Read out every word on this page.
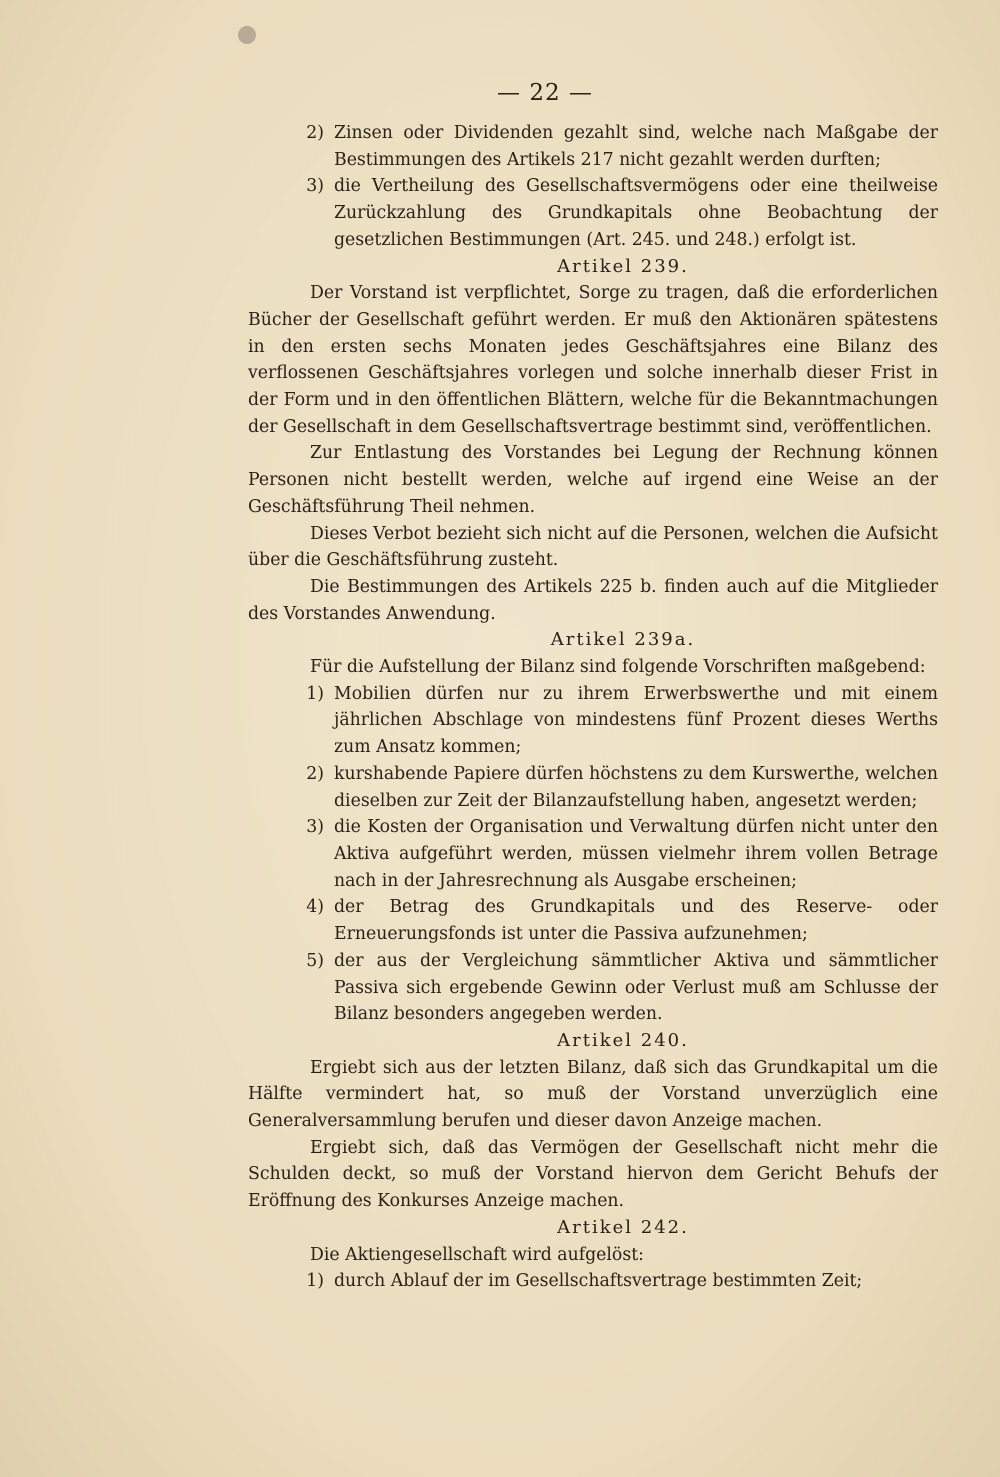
— 22 —
2) Zinsen oder Dividenden gezahlt sind, welche nach Maßgabe der Bestimmungen des Artikels 217 nicht gezahlt werden durften;
3) die Vertheilung des Gesellschaftsvermögens oder eine theilweise Zurückzahlung des Grundkapitals ohne Beobachtung der gesetzlichen Bestimmungen (Art. 245. und 248.) erfolgt ist.
Artikel 239.

Der Vorstand ist verpflichtet, Sorge zu tragen, daß die erforderlichen Bücher der Gesellschaft geführt werden. Er muß den Aktionären spätestens in den ersten sechs Monaten jedes Geschäftsjahres eine Bilanz des verflossenen Geschäftsjahres vorlegen und solche innerhalb dieser Frist in der Form und in den öffentlichen Blättern, welche für die Bekanntmachungen der Gesellschaft in dem Gesellschaftsvertrage bestimmt sind, veröffentlichen.

Zur Entlastung des Vorstandes bei Legung der Rechnung können Personen nicht bestellt werden, welche auf irgend eine Weise an der Geschäftsführung Theil nehmen.

Dieses Verbot bezieht sich nicht auf die Personen, welchen die Aufsicht über die Geschäftsführung zusteht.

Die Bestimmungen des Artikels 225 b. finden auch auf die Mitglieder des Vorstandes Anwendung.

Artikel 239a.

Für die Aufstellung der Bilanz sind folgende Vorschriften maßgebend:

1) Mobilien dürfen nur zu ihrem Erwerbswerthe und mit einem jährlichen Abschlage von mindestens fünf Prozent dieses Werths zum Ansatz kommen;
2) kurshabende Papiere dürfen höchstens zu dem Kurswerthe, welchen dieselben zur Zeit der Bilanzaufstellung haben, angesetzt werden;
3) die Kosten der Organisation und Verwaltung dürfen nicht unter den Aktiva aufgeführt werden, müssen vielmehr ihrem vollen Betrage nach in der Jahresrechnung als Ausgabe erscheinen;
4) der Betrag des Grundkapitals und des Reserve- oder Erneuerungsfonds ist unter die Passiva aufzunehmen;
5) der aus der Vergleichung sämmtlicher Aktiva und sämmtlicher Passiva sich ergebende Gewinn oder Verlust muß am Schlusse der Bilanz besonders angegeben werden.
Artikel 240.

Ergiebt sich aus der letzten Bilanz, daß sich das Grundkapital um die Hälfte vermindert hat, so muß der Vorstand unverzüglich eine Generalversammlung berufen und dieser davon Anzeige machen.

Ergiebt sich, daß das Vermögen der Gesellschaft nicht mehr die Schulden deckt, so muß der Vorstand hiervon dem Gericht Behufs der Eröffnung des Konkurses Anzeige machen.

Artikel 242.

Die Aktiengesellschaft wird aufgelöst:

1) durch Ablauf der im Gesellschaftsvertrage bestimmten Zeit;
